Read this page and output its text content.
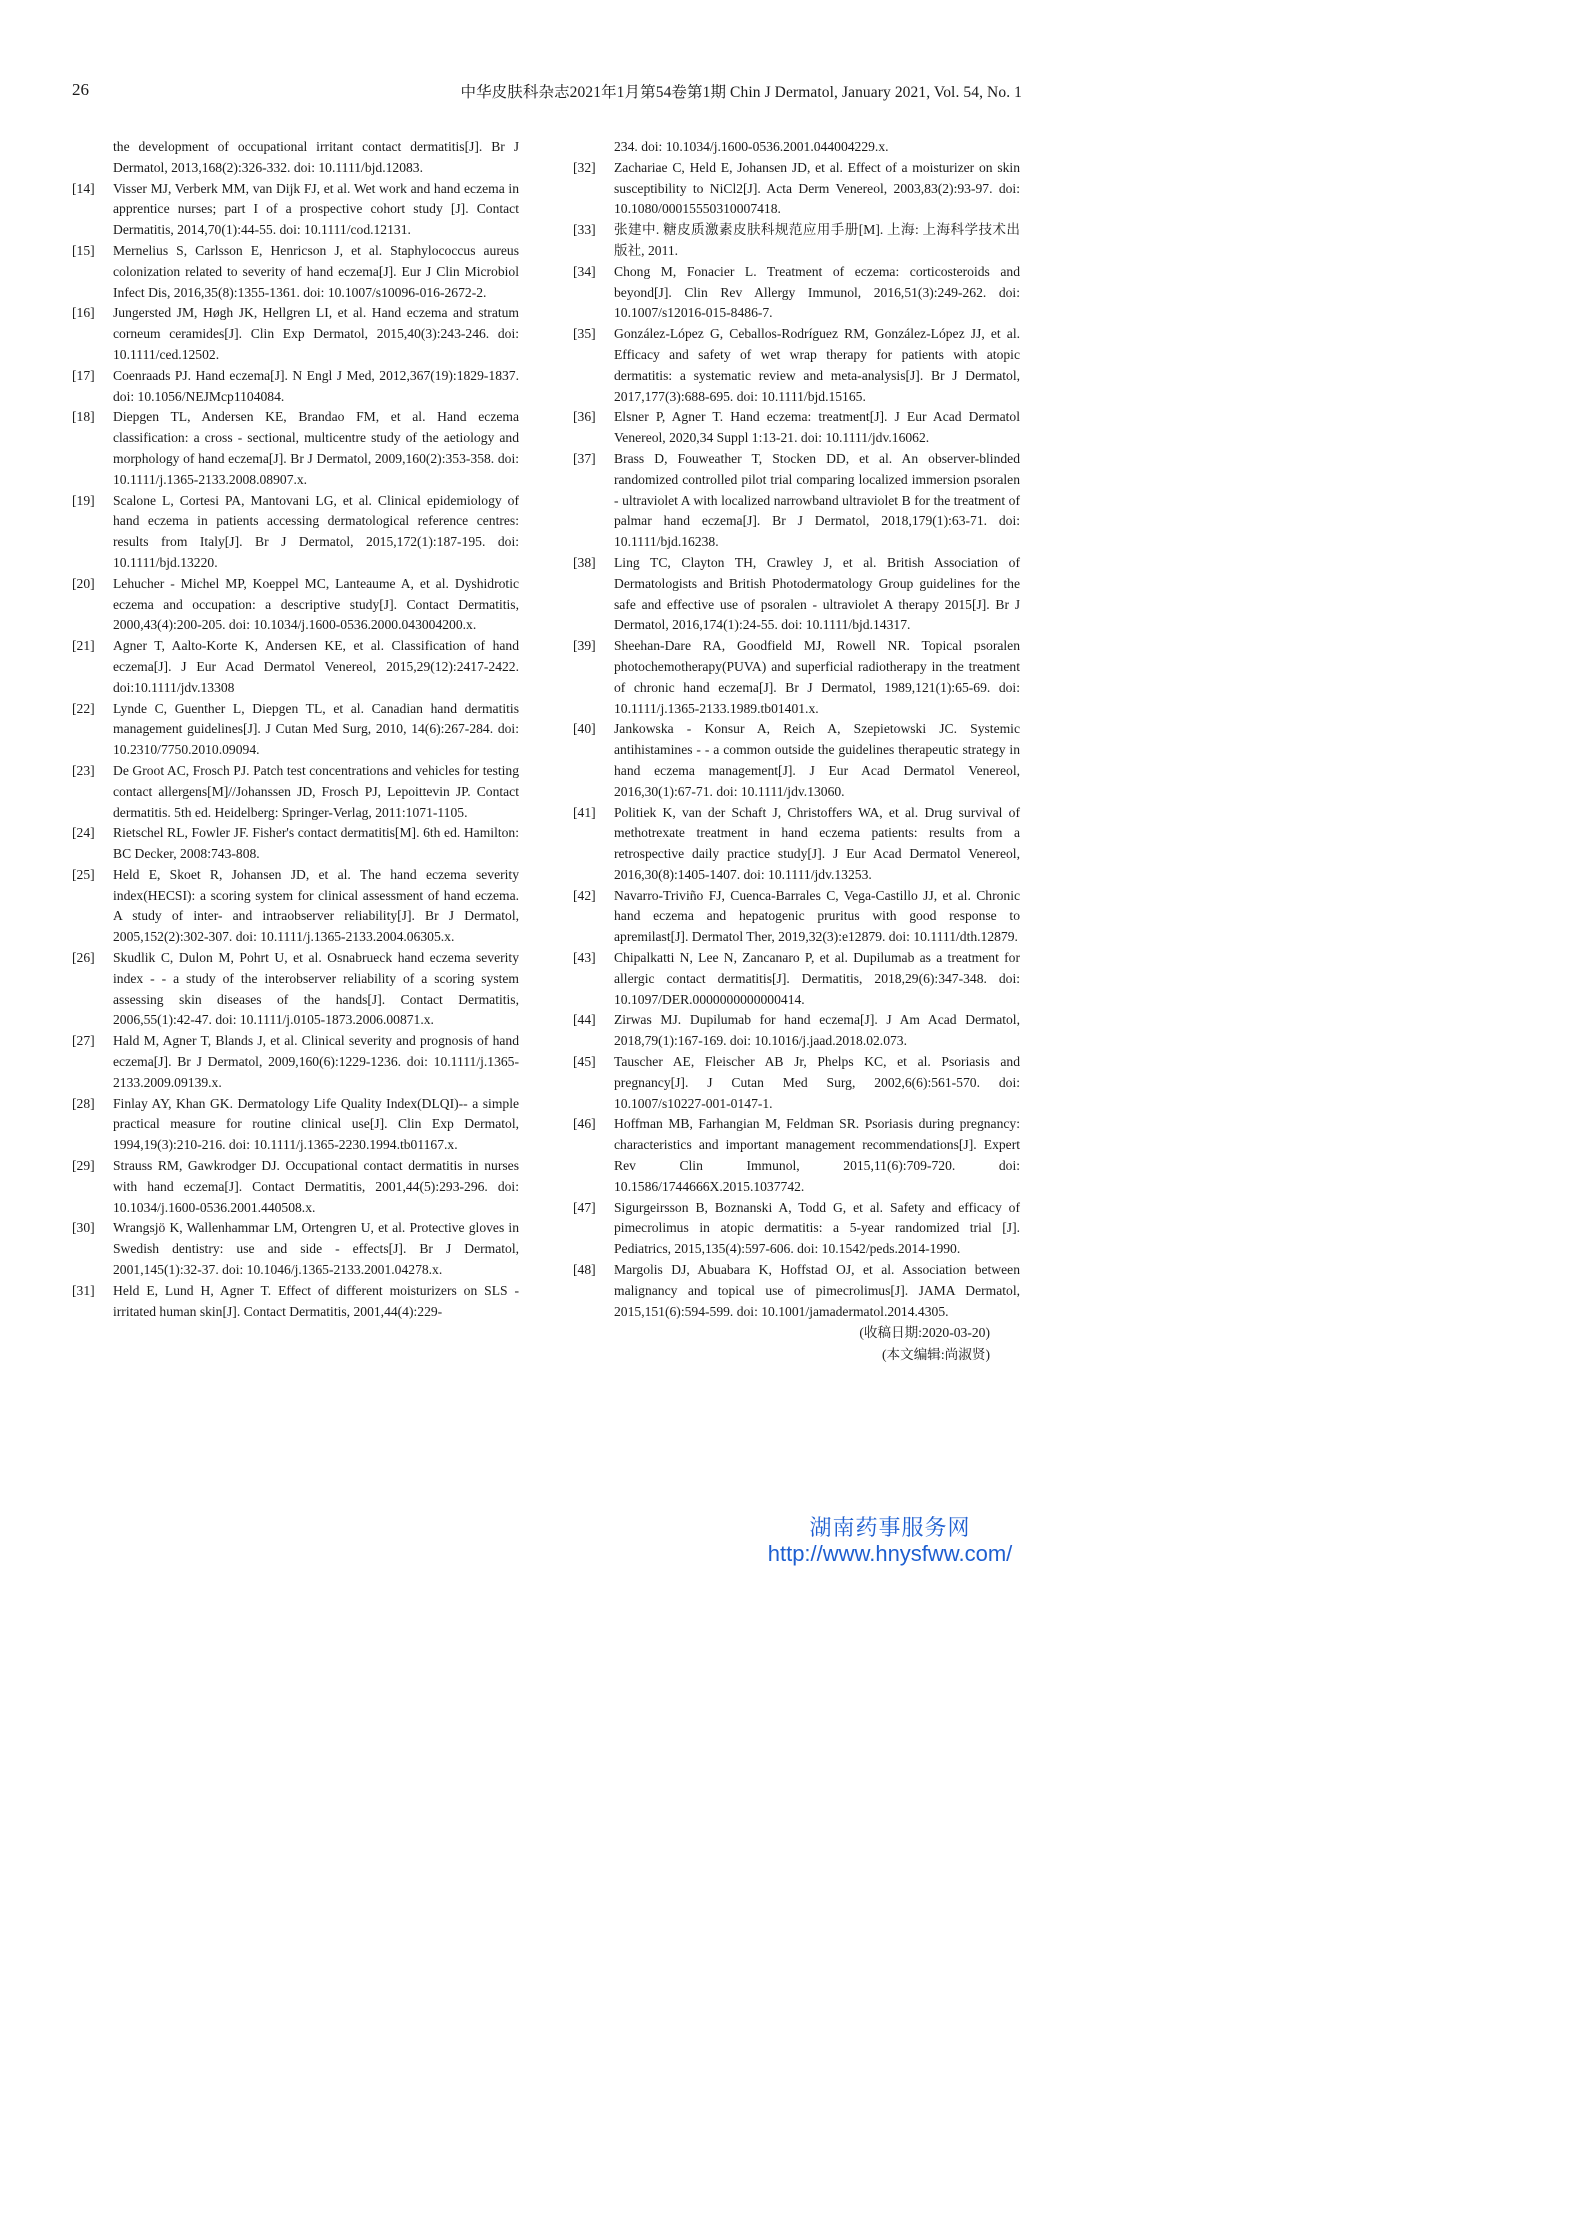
26	中华皮肤科杂志2021年1月第54卷第1期 Chin J Dermatol, January 2021, Vol. 54, No. 1
the development of occupational irritant contact dermatitis[J]. Br J Dermatol, 2013,168(2):326-332. doi: 10.1111/bjd.12083.
[14] Visser MJ, Verberk MM, van Dijk FJ, et al. Wet work and hand eczema in apprentice nurses; part I of a prospective cohort study [J]. Contact Dermatitis, 2014,70(1):44-55. doi: 10.1111/cod.12131.
[15] Mernelius S, Carlsson E, Henricson J, et al. Staphylococcus aureus colonization related to severity of hand eczema[J]. Eur J Clin Microbiol Infect Dis, 2016,35(8):1355-1361. doi: 10.1007/s10096-016-2672-2.
[16] Jungersted JM, Høgh JK, Hellgren LI, et al. Hand eczema and stratum corneum ceramides[J]. Clin Exp Dermatol, 2015,40(3):243-246. doi: 10.1111/ced.12502.
[17] Coenraads PJ. Hand eczema[J]. N Engl J Med, 2012,367(19):1829-1837. doi: 10.1056/NEJMcp1104084.
[18] Diepgen TL, Andersen KE, Brandao FM, et al. Hand eczema classification: a cross - sectional, multicentre study of the aetiology and morphology of hand eczema[J]. Br J Dermatol, 2009,160(2):353-358. doi: 10.1111/j.1365-2133.2008.08907.x.
[19] Scalone L, Cortesi PA, Mantovani LG, et al. Clinical epidemiology of hand eczema in patients accessing dermatological reference centres: results from Italy[J]. Br J Dermatol, 2015,172(1):187-195. doi: 10.1111/bjd.13220.
[20] Lehucher - Michel MP, Koeppel MC, Lanteaume A, et al. Dyshidrotic eczema and occupation: a descriptive study[J]. Contact Dermatitis, 2000,43(4):200-205. doi: 10.1034/j.1600-0536.2000.043004200.x.
[21] Agner T, Aalto-Korte K, Andersen KE, et al. Classification of hand eczema[J]. J Eur Acad Dermatol Venereol, 2015,29(12):2417-2422. doi:10.1111/jdv.13308
[22] Lynde C, Guenther L, Diepgen TL, et al. Canadian hand dermatitis management guidelines[J]. J Cutan Med Surg, 2010, 14(6):267-284. doi: 10.2310/7750.2010.09094.
[23] De Groot AC, Frosch PJ. Patch test concentrations and vehicles for testing contact allergens[M]//Johanssen JD, Frosch PJ, Lepoittevin JP. Contact dermatitis. 5th ed. Heidelberg: Springer-Verlag, 2011:1071-1105.
[24] Rietschel RL, Fowler JF. Fisher's contact dermatitis[M]. 6th ed. Hamilton: BC Decker, 2008:743-808.
[25] Held E, Skoet R, Johansen JD, et al. The hand eczema severity index(HECSI): a scoring system for clinical assessment of hand eczema. A study of inter- and intraobserver reliability[J]. Br J Dermatol, 2005,152(2):302-307. doi: 10.1111/j.1365-2133.2004.06305.x.
[26] Skudlik C, Dulon M, Pohrt U, et al. Osnabrueck hand eczema severity index - - a study of the interobserver reliability of a scoring system assessing skin diseases of the hands[J]. Contact Dermatitis, 2006,55(1):42-47. doi: 10.1111/j.0105-1873.2006.00871.x.
[27] Hald M, Agner T, Blands J, et al. Clinical severity and prognosis of hand eczema[J]. Br J Dermatol, 2009,160(6):1229-1236. doi: 10.1111/j.1365-2133.2009.09139.x.
[28] Finlay AY, Khan GK. Dermatology Life Quality Index(DLQI)-- a simple practical measure for routine clinical use[J]. Clin Exp Dermatol, 1994,19(3):210-216. doi: 10.1111/j.1365-2230.1994.tb01167.x.
[29] Strauss RM, Gawkrodger DJ. Occupational contact dermatitis in nurses with hand eczema[J]. Contact Dermatitis, 2001,44(5):293-296. doi: 10.1034/j.1600-0536.2001.440508.x.
[30] Wrangsjö K, Wallenhammar LM, Ortengren U, et al. Protective gloves in Swedish dentistry: use and side - effects[J]. Br J Dermatol, 2001,145(1):32-37. doi: 10.1046/j.1365-2133.2001.04278.x.
[31] Held E, Lund H, Agner T. Effect of different moisturizers on SLS -irritated human skin[J]. Contact Dermatitis, 2001,44(4):229-
234. doi: 10.1034/j.1600-0536.2001.044004229.x.
[32] Zachariae C, Held E, Johansen JD, et al. Effect of a moisturizer on skin susceptibility to NiCl2[J]. Acta Derm Venereol, 2003,83(2):93-97. doi: 10.1080/00015550310007418.
[33] 张建中. 糖皮质激素皮肤科规范应用手册[M]. 上海: 上海科学技术出版社, 2011.
[34] Chong M, Fonacier L. Treatment of eczema: corticosteroids and beyond[J]. Clin Rev Allergy Immunol, 2016,51(3):249-262. doi: 10.1007/s12016-015-8486-7.
[35] González-López G, Ceballos-Rodríguez RM, González-López JJ, et al. Efficacy and safety of wet wrap therapy for patients with atopic dermatitis: a systematic review and meta-analysis[J]. Br J Dermatol, 2017,177(3):688-695. doi: 10.1111/bjd.15165.
[36] Elsner P, Agner T. Hand eczema: treatment[J]. J Eur Acad Dermatol Venereol, 2020,34 Suppl 1:13-21. doi: 10.1111/jdv.16062.
[37] Brass D, Fouweather T, Stocken DD, et al. An observer-blinded randomized controlled pilot trial comparing localized immersion psoralen - ultraviolet A with localized narrowband ultraviolet B for the treatment of palmar hand eczema[J]. Br J Dermatol, 2018,179(1):63-71. doi: 10.1111/bjd.16238.
[38] Ling TC, Clayton TH, Crawley J, et al. British Association of Dermatologists and British Photodermatology Group guidelines for the safe and effective use of psoralen - ultraviolet A therapy 2015[J]. Br J Dermatol, 2016,174(1):24-55. doi: 10.1111/bjd.14317.
[39] Sheehan-Dare RA, Goodfield MJ, Rowell NR. Topical psoralen photochemotherapy(PUVA) and superficial radiotherapy in the treatment of chronic hand eczema[J]. Br J Dermatol, 1989,121(1):65-69. doi: 10.1111/j.1365-2133.1989.tb01401.x.
[40] Jankowska - Konsur A, Reich A, Szepietowski JC. Systemic antihistamines - - a common outside the guidelines therapeutic strategy in hand eczema management[J]. J Eur Acad Dermatol Venereol, 2016,30(1):67-71. doi: 10.1111/jdv.13060.
[41] Politiek K, van der Schaft J, Christoffers WA, et al. Drug survival of methotrexate treatment in hand eczema patients: results from a retrospective daily practice study[J]. J Eur Acad Dermatol Venereol, 2016,30(8):1405-1407. doi: 10.1111/jdv.13253.
[42] Navarro-Triviño FJ, Cuenca-Barrales C, Vega-Castillo JJ, et al. Chronic hand eczema and hepatogenic pruritus with good response to apremilast[J]. Dermatol Ther, 2019,32(3):e12879. doi: 10.1111/dth.12879.
[43] Chipalkatti N, Lee N, Zancanaro P, et al. Dupilumab as a treatment for allergic contact dermatitis[J]. Dermatitis, 2018,29(6):347-348. doi: 10.1097/DER.0000000000000414.
[44] Zirwas MJ. Dupilumab for hand eczema[J]. J Am Acad Dermatol, 2018,79(1):167-169. doi: 10.1016/j.jaad.2018.02.073.
[45] Tauscher AE, Fleischer AB Jr, Phelps KC, et al. Psoriasis and pregnancy[J]. J Cutan Med Surg, 2002,6(6):561-570. doi: 10.1007/s10227-001-0147-1.
[46] Hoffman MB, Farhangian M, Feldman SR. Psoriasis during pregnancy: characteristics and important management recommendations[J]. Expert Rev Clin Immunol, 2015,11(6):709-720. doi: 10.1586/1744666X.2015.1037742.
[47] Sigurgeirsson B, Boznanski A, Todd G, et al. Safety and efficacy of pimecrolimus in atopic dermatitis: a 5-year randomized trial [J]. Pediatrics, 2015,135(4):597-606. doi: 10.1542/peds.2014-1990.
[48] Margolis DJ, Abuabara K, Hoffstad OJ, et al. Association between malignancy and topical use of pimecrolimus[J]. JAMA Dermatol, 2015,151(6):594-599. doi: 10.1001/jamadermatol.2014.4305.
(收稿日期:2020-03-20)
(本文编辑:尚淑贤)
湖南药事服务网
http://www.hnysfww.com/
